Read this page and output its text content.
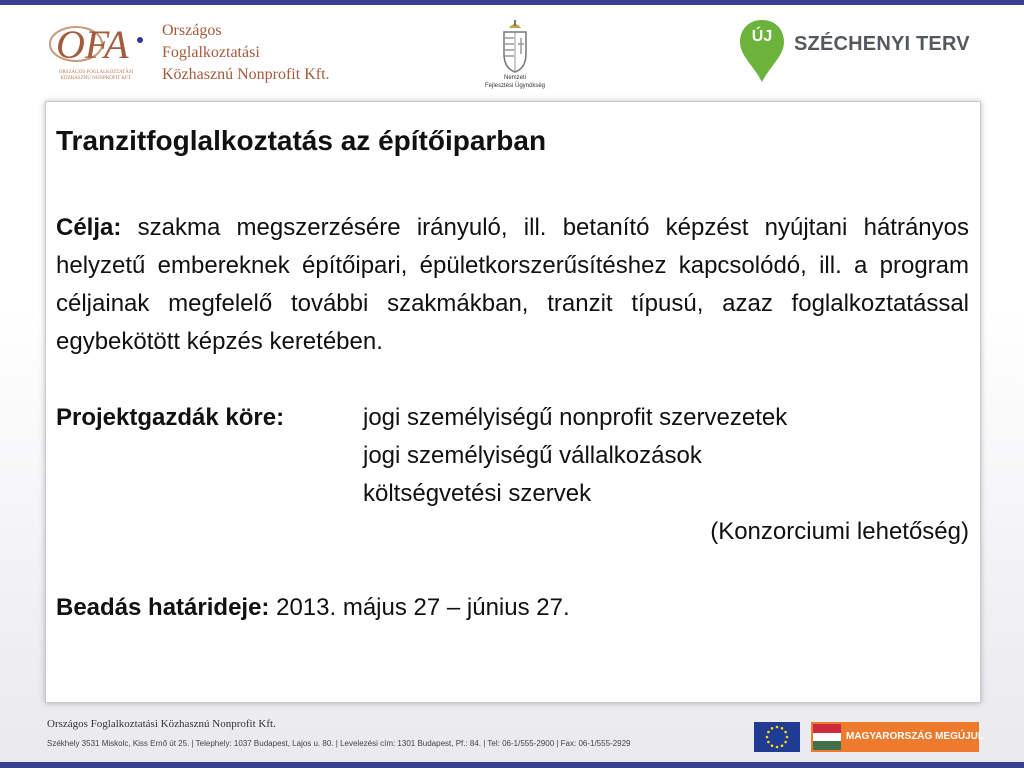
OFA
ORSZÁGOS FOGLALKOZTATÁSI
KÖZHASZNÚ NONPROFIT KFT.
Országos
Foglalkoztatási
Közhasznú Nonprofit Kft.	Nemzeti
Fejlesztési Ügynökség
ÚJ	SZÉCHENYI TERV
Tranzitfoglalkoztatás az építőiparban

Célja: szakma megszerzésére irányuló, ill. betanító képzést nyújtani hátrányos helyzetű embereknek építőipari, épületkorszerűsítéshez kapcsolódó, ill. a program céljainak megfelelő további szakmákban, tranzit típusú, azaz foglalkoztatással egybekötött képzés keretében.

Projektgazdák köre:	jogi személyiségű nonprofit szervezetek
jogi személyiségű vállalkozások
költségvetési szervek
(Konzorciumi lehetőség)
Beadás határideje: 2013. május 27 – június 27.
Országos Foglalkoztatási Közhasznú Nonprofit Kft.
Székhely 3531 Miskolc, Kiss Ernő út 25. | Telephely: 1037 Budapest, Lajos u. 80. | Levelezési cím: 1301 Budapest, Pf.: 84. | Tel: 06-1/555-2900 | Fax: 06-1/555-2929
MAGYARORSZÁG MEGÚJUL
